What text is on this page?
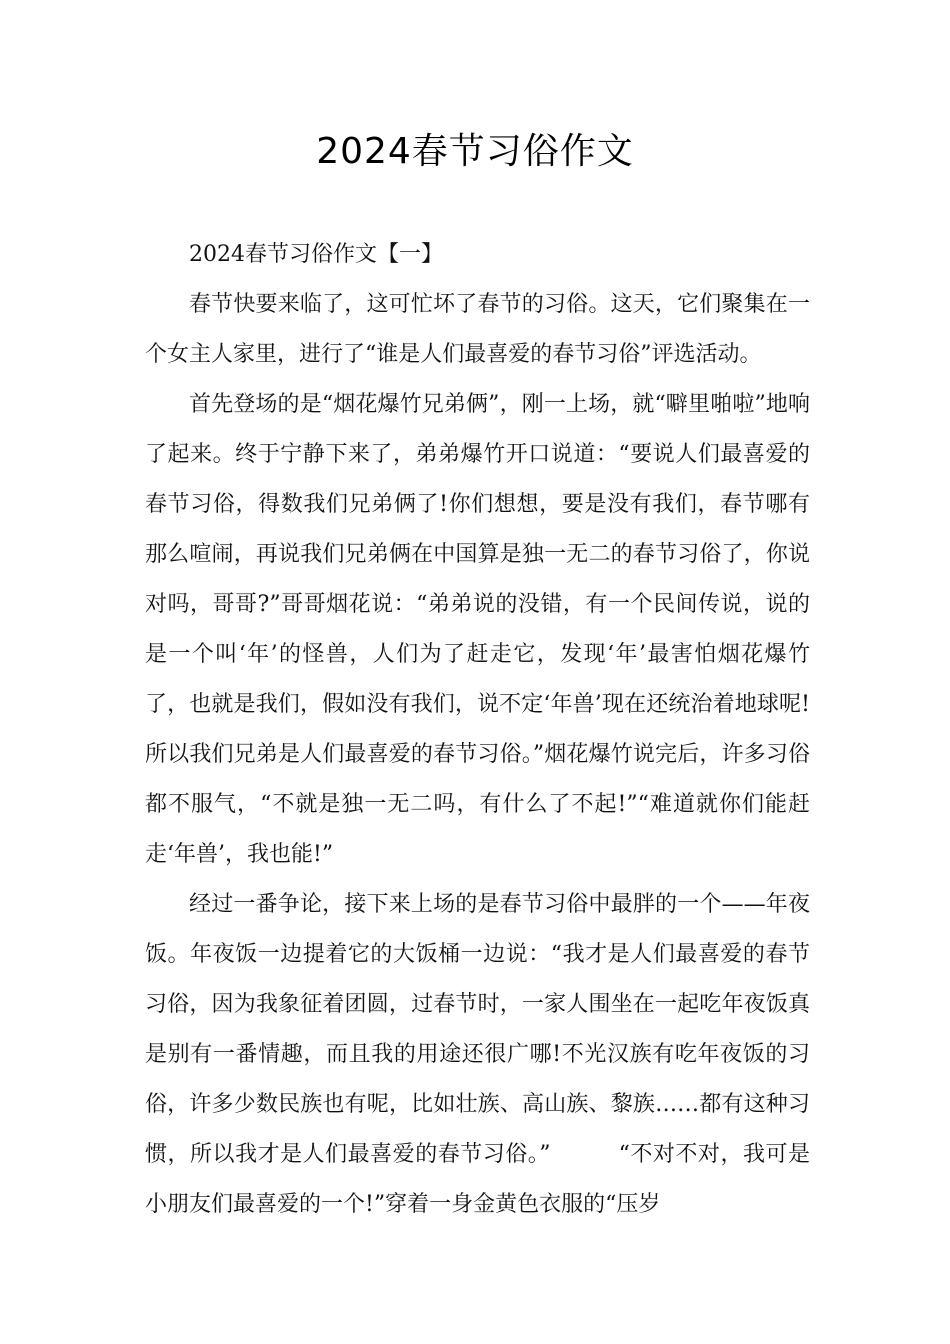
2024春节习俗作文

2024春节习俗作文【一】

春节快要来临了，这可忙坏了春节的习俗。这天，它们聚集在一个女主人家里，进行了“谁是人们最喜爱的春节习俗”评选活动。

首先登场的是“烟花爆竹兄弟俩”，刚一上场，就“噼里啪啦”地响了起来。终于宁静下来了，弟弟爆竹开口说道：“要说人们最喜爱的春节习俗，得数我们兄弟俩了!你们想想，要是没有我们，春节哪有那么喧闹，再说我们兄弟俩在中国算是独一无二的春节习俗了，你说对吗，哥哥?”哥哥烟花说：“弟弟说的没错，有一个民间传说，说的是一个叫‘年’的怪兽，人们为了赶走它，发现‘年’最害怕烟花爆竹了，也就是我们，假如没有我们，说不定‘年兽’现在还统治着地球呢!所以我们兄弟是人们最喜爱的春节习俗。”烟花爆竹说完后，许多习俗都不服气，“不就是独一无二吗，有什么了不起!”“难道就你们能赶走‘年兽’，我也能!”

经过一番争论，接下来上场的是春节习俗中最胖的一个——年夜饭。年夜饭一边提着它的大饭桶一边说：“我才是人们最喜爱的春节习俗，因为我象征着团圆，过春节时，一家人围坐在一起吃年夜饭真是别有一番情趣，而且我的用途还很广哪!不光汉族有吃年夜饭的习俗，许多少数民族也有呢，比如壮族、高山族、黎族……都有这种习惯，所以我才是人们最喜爱的春节习俗。”　　　“不对不对，我可是小朋友们最喜爱的一个!”穿着一身金黄色衣服的“压岁
